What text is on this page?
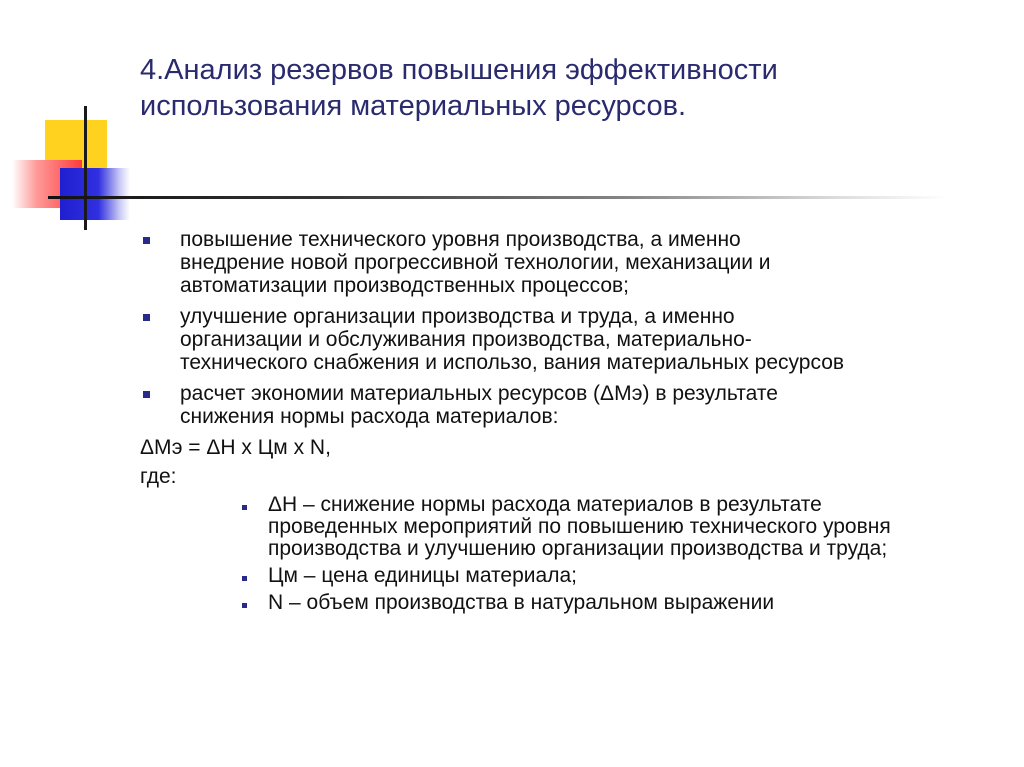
4.Анализ резервов повышения эффективности
использования материальных ресурсов.
повышение технического уровня производства, а именно
внедрение новой прогрессивной технологии, механизации и
автоматизации производственных процессов;
улучшение организации производства и труда, а именно
организации и обслуживания производства, материально-
технического снабжения и использо, вания материальных ресурсов
расчет экономии материальных ресурсов (ΔМэ) в результате
снижения нормы расхода материалов:
ΔМэ = ΔН х Цм х N,
где:
ΔН – снижение нормы расхода материалов в результате
проведенных мероприятий по повышению технического уровня
производства и улучшению организации производства и труда;
Цм – цена единицы материала;
N – объем производства в натуральном выражении
